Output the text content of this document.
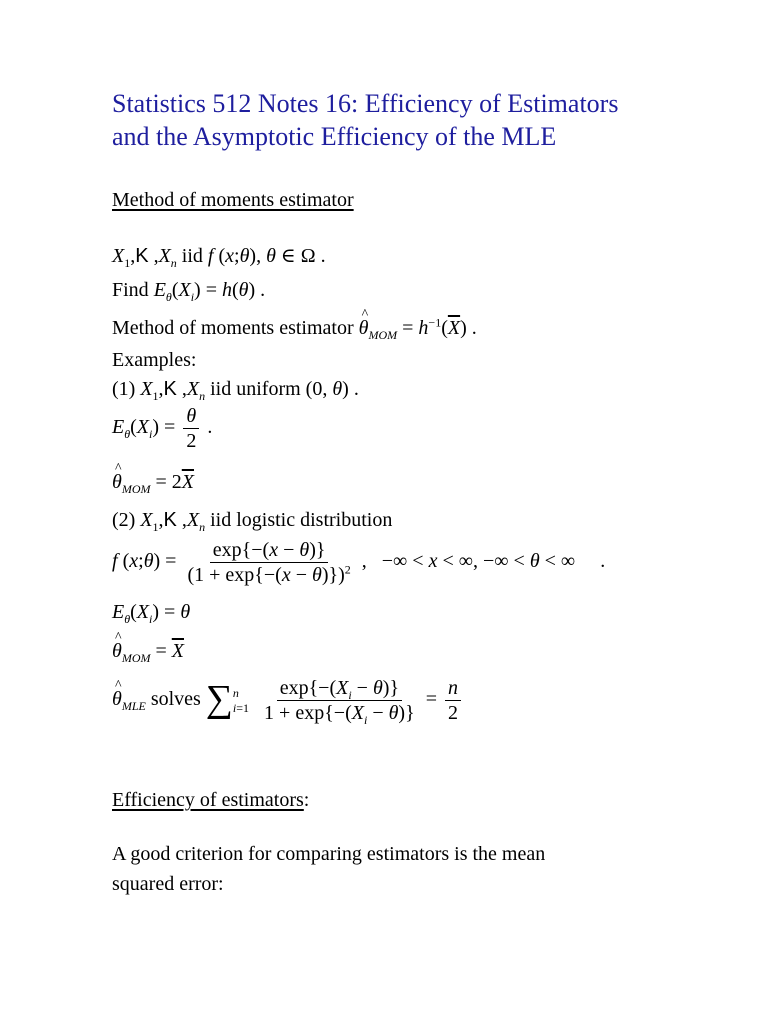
Statistics 512 Notes 16: Efficiency of Estimators
and the Asymptotic Efficiency of the MLE
Method of moments estimator
$X_1,K$ $,X_n$ iid f (x;θ), θ ∈ Ω .
Find $E_\theta(X_i) = h(\theta)$ .
Method of moments estimator ^ $\theta_{MOM} = h^{-1}(\overline{X})$ .
Examples:
(1) $X_1,K$ $,X_n$ iid uniform (0, θ) .
$E_\theta(X_i) = \frac{\theta}{2}$ .
^ $\theta_{MOM} = 2\overline{X}$
(2) $X_1,K$ $,X_n$ iid logistic distribution
f (x;θ) = $\frac{\exp\{-(x - \theta)\}}{(1 + \exp\{-(x - \theta)\})^2}$ ,   −∞ < x < ∞, −∞ < θ < ∞     .
$E_\theta(X_i) = \theta$
^ $\theta_{MOM} = \overline{X}$
^ $\theta_{MLE}$ solves ∑ n
i=1
$\frac{\exp\{-(X_i - \theta)\}}{1 + \exp\{-(X_i - \theta)\}} = \frac{n}{2}$
Efficiency of estimators:
A good criterion for comparing estimators is the mean
squared error:
